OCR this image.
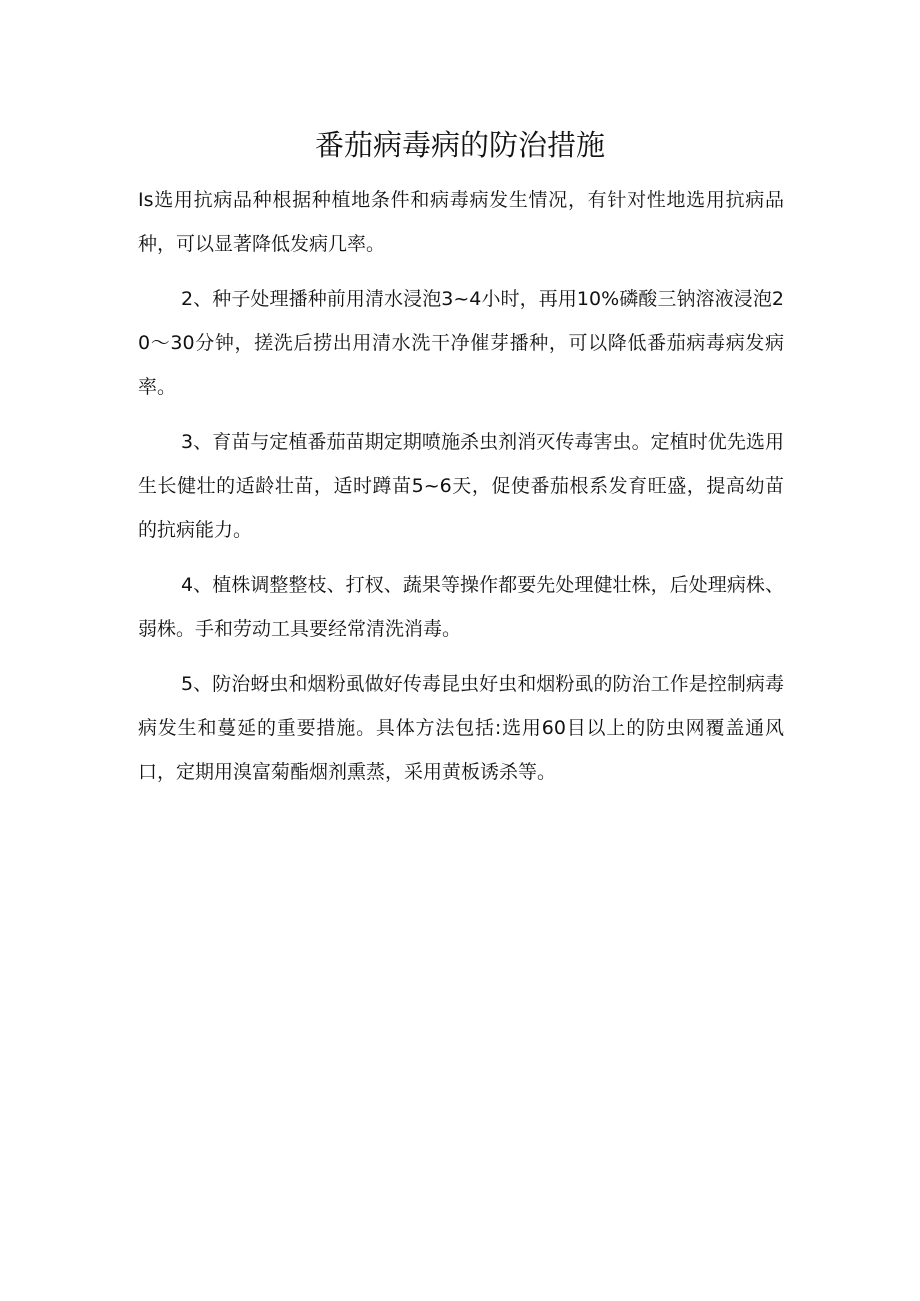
番茄病毒病的防治措施

Is选用抗病品种根据种植地条件和病毒病发生情况，有针对性地选用抗病品种，可以显著降低发病几率。

2、种子处理播种前用清水浸泡3~4小时，再用10%磷酸三钠溶液浸泡20～30分钟，搓洗后捞出用清水洗干净催芽播种，可以降低番茄病毒病发病率。

3、育苗与定植番茄苗期定期喷施杀虫剂消灭传毒害虫。定植时优先选用生长健壮的适龄壮苗，适时蹲苗5~6天，促使番茄根系发育旺盛，提高幼苗的抗病能力。

4、植株调整整枝、打杈、蔬果等操作都要先处理健壮株，后处理病株、弱株。手和劳动工具要经常清洗消毒。

5、防治蚜虫和烟粉虱做好传毒昆虫好虫和烟粉虱的防治工作是控制病毒病发生和蔓延的重要措施。具体方法包括:选用60目以上的防虫网覆盖通风口，定期用溴富菊酯烟剂熏蒸，采用黄板诱杀等。
